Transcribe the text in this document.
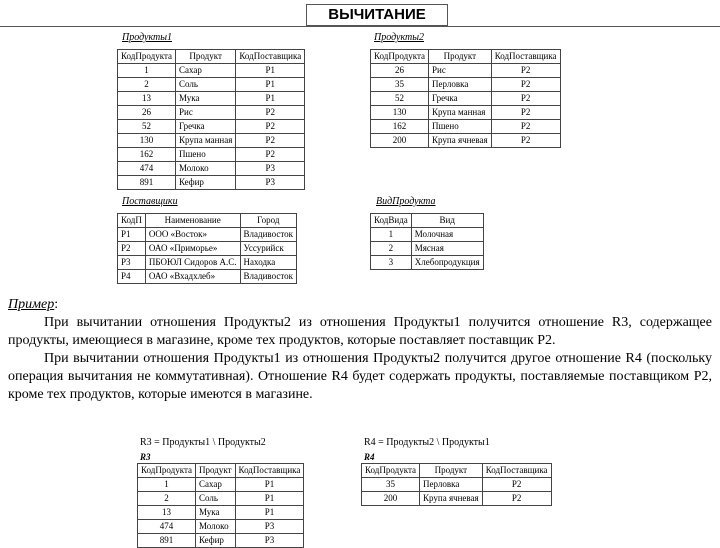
ВЫЧИТАНИЕ
Продукты1
КодПродукта	Продукт	КодПоставщика
1	Сахар	P1
2	Соль	P1
13	Мука	P1
26	Рис	P2
52	Гречка	P2
130	Крупа манная	P2
162	Пшено	P2
474	Молоко	P3
891	Кефир	P3
Продукты2
КодПродукта	Продукт	КодПоставщика
26	Рис	P2
35	Перловка	P2
52	Гречка	P2
130	Крупа манная	P2
162	Пшено	P2
200	Крупа ячневая	P2
Поставщики
КодП	Наименование	Город
P1	ООО «Восток»	Владивосток
P2	ОАО «Приморье»	Уссурийск
P3	ПБОЮЛ Сидоров А.С.	Находка
P4	ОАО «Вхадхлеб»	Владивосток
ВидПродукта
КодВида	Вид
1	Молочная
2	Мясная
3	Хлебопродукция

Пример:

При вычитании отношения Продукты2 из отношения Продукты1 получится отношение R3, содержащее продукты, имеющиеся в магазине, кроме тех продуктов, которые поставляет поставщик P2.

При вычитании отношения Продукты1 из отношения Продукты2 получится другое отношение R4 (поскольку операция вычитания не коммутативная). Отношение R4 будет содержать продукты, поставляемые поставщиком P2, кроме тех продуктов, которые имеются в магазине.

R3 = Продукты1 \ Продукты2
R3
КодПродукта	Продукт	КодПоставщика
1	Сахар	P1
2	Соль	P1
13	Мука	P1
474	Молоко	P3
891	Кефир	P3
R4 = Продукты2 \ Продукты1
R4
КодПродукта	Продукт	КодПоставщика
35	Перловка	P2
200	Крупа ячневая	P2
